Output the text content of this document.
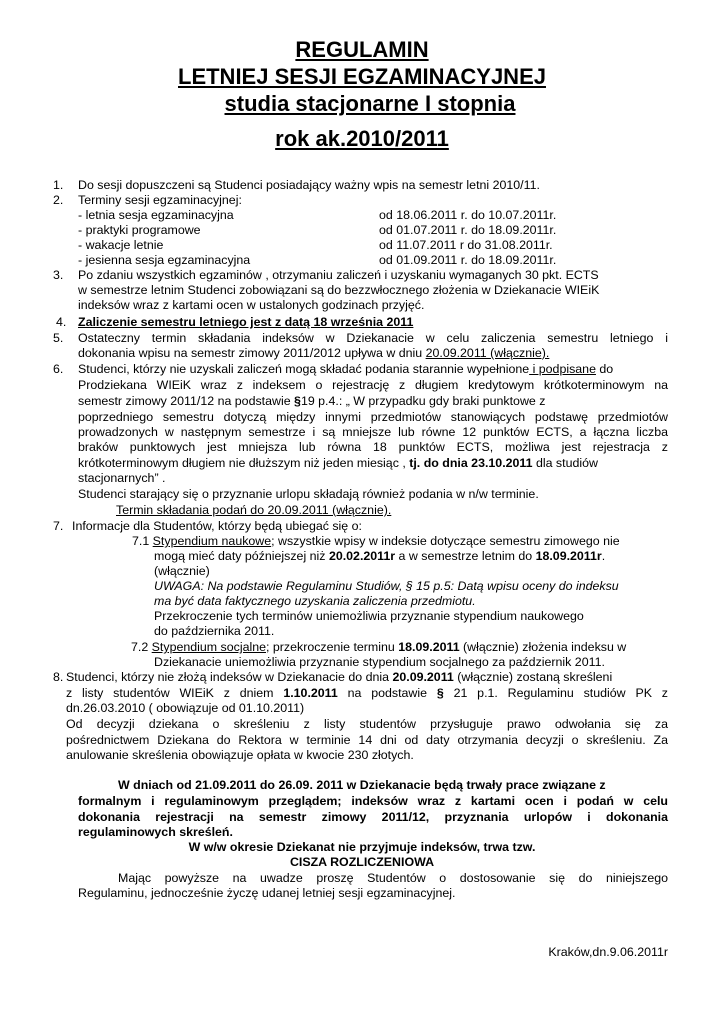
REGULAMIN
LETNIEJ SESJI EGZAMINACYJNEJ
studia stacjonarne I stopnia
rok ak.2010/2011
1. Do sesji dopuszczeni są Studenci posiadający ważny wpis na semestr letni 2010/11.
2. Terminy sesji egzaminacyjnej:
- letnia sesja egzaminacyjna	od 18.06.2011 r. do 10.07.2011r.
- praktyki programowe	od 01.07.2011 r. do 18.09.2011r.
- wakacje letnie	od 11.07.2011 r do 31.08.2011r.
- jesienna sesja egzaminacyjna	od 01.09.2011 r. do 18.09.2011r.
3. Po zdaniu wszystkich egzaminów , otrzymaniu zaliczeń i uzyskaniu wymaganych 30 pkt. ECTS
w semestrze letnim Studenci zobowiązani są do bezzwłocznego złożenia w Dziekanacie WIEiK
indeksów wraz z kartami ocen w ustalonych godzinach przyjęć.
4. Zaliczenie semestru letniego jest z datą 18 września 2011
5. Ostateczny termin składania indeksów w Dziekanacie w celu zaliczenia semestru letniego i
dokonania wpisu na semestr zimowy 2011/2012 upływa w dniu 20.09.2011 (włącznie).
6. Studenci, którzy nie uzyskali zaliczeń mogą składać podania starannie wypełnione i podpisane do
Prodziekana WIEiK wraz z indeksem o rejestrację z długiem kredytowym krótkoterminowym na
semestr zimowy 2011/12 na podstawie §19 p.4.: „ W przypadku gdy braki punktowe z
poprzedniego semestru dotyczą między innymi przedmiotów stanowiących podstawę przedmiotów
prowadzonych w następnym semestrze i są mniejsze lub równe 12 punktów ECTS, a łączna liczba
braków punktowych jest mniejsza lub równa 18 punktów ECTS, możliwa jest rejestracja z
krótkoterminowym długiem nie dłuższym niż jeden miesiąc , tj. do dnia 23.10.2011 dla studiów
stacjonarnych” .
Studenci starający się o przyznanie urlopu składają również podania w n/w terminie.
Termin składania podań do 20.09.2011 (włącznie).
7. Informacje dla Studentów, którzy będą ubiegać się o:
7.1 Stypendium naukowe; wszystkie wpisy w indeksie dotyczące semestru zimowego nie
mogą mieć daty późniejszej niż 20.02.2011r a w semestrze letnim do 18.09.2011r.
(włącznie)
UWAGA: Na podstawie Regulaminu Studiów, § 15 p.5: Datą wpisu oceny do indeksu
ma być data faktycznego uzyskania zaliczenia przedmiotu.
Przekroczenie tych terminów uniemożliwia przyznanie stypendium naukowego
do października 2011.
7.2 Stypendium socjalne; przekroczenie terminu 18.09.2011 (włącznie) złożenia indeksu w
Dziekanacie uniemożliwia przyznanie stypendium socjalnego za październik 2011.
8. Studenci, którzy nie złożą indeksów w Dziekanacie do dnia 20.09.2011 (włącznie) zostaną skreśleni
z listy studentów WIEiK z dniem 1.10.2011 na podstawie § 21 p.1. Regulaminu studiów PK z
dn.26.03.2010 ( obowiązuje od 01.10.2011)
Od decyzji dziekana o skreśleniu z listy studentów przysługuje prawo odwołania się za
pośrednictwem Dziekana do Rektora w terminie 14 dni od daty otrzymania decyzji o skreśleniu. Za
anulowanie skreślenia obowiązuje opłata w kwocie 230 złotych.
W dniach od 21.09.2011 do 26.09. 2011 w Dziekanacie będą trwały prace związane z
formalnym i regulaminowym przeglądem; indeksów wraz z kartami ocen i podań w celu
dokonania rejestracji na semestr zimowy 2011/12, przyznania urlopów i dokonania
regulaminowych skreśleń.
W w/w okresie Dziekanat nie przyjmuje indeksów, trwa tzw.
CISZA ROZLICZENIOWA
Mając powyższe na uwadze proszę Studentów o dostosowanie się do niniejszego
Regulaminu, jednocześnie życzę udanej letniej sesji egzaminacyjnej.
Kraków,dn.9.06.2011r
